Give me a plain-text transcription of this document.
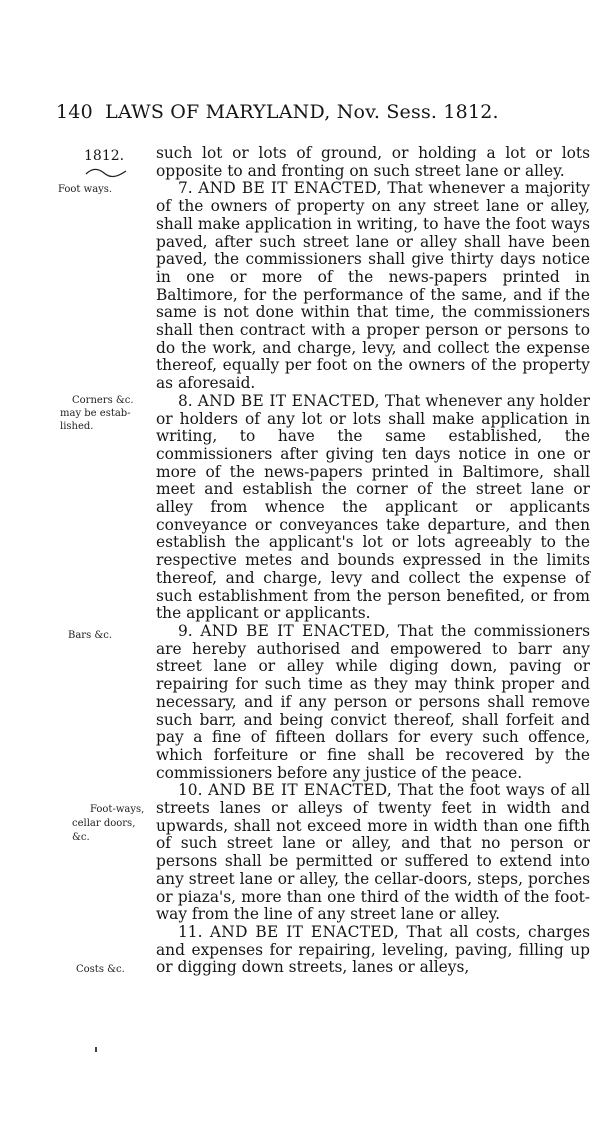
140 LAWS OF MARYLAND, Nov. Sess. 1812.
1812.
Foot ways.
Corners &c.
may be estab-
lished.
Bars &c.
Foot-ways,
cellar doors,
&c.
Costs &c.

such lot or lots of ground, or holding a lot or lots opposite to and fronting on such street lane or alley.

7. AND BE IT ENACTED, That whenever a majority of the owners of property on any street lane or alley, shall make application in writing, to have the foot ways paved, after such street lane or alley shall have been paved, the commissioners shall give thirty days notice in one or more of the news-papers printed in Baltimore, for the performance of the same, and if the same is not done within that time, the commissioners shall then contract with a proper person or persons to do the work, and charge, levy, and collect the expense thereof, equally per foot on the owners of the property as aforesaid.

8. AND BE IT ENACTED, That whenever any holder or holders of any lot or lots shall make application in writing, to have the same established, the commissioners after giving ten days notice in one or more of the news-papers printed in Baltimore, shall meet and establish the corner of the street lane or alley from whence the applicant or applicants conveyance or conveyances take departure, and then establish the applicant's lot or lots agreeably to the respective metes and bounds expressed in the limits thereof, and charge, levy and collect the expense of such establishment from the person benefited, or from the applicant or applicants.

9. AND BE IT ENACTED, That the commissioners are hereby authorised and empowered to barr any street lane or alley while diging down, paving or repairing for such time as they may think proper and necessary, and if any person or persons shall remove such barr, and being convict thereof, shall forfeit and pay a fine of fifteen dollars for every such offence, which forfeiture or fine shall be recovered by the commissioners before any justice of the peace.

10. AND BE IT ENACTED, That the foot ways of all streets lanes or alleys of twenty feet in width and upwards, shall not exceed more in width than one fifth of such street lane or alley, and that no person or persons shall be permitted or suffered to extend into any street lane or alley, the cellar-doors, steps, porches or piaza's, more than one third of the width of the foot-way from the line of any street lane or alley.

11. AND BE IT ENACTED, That all costs, charges and expenses for repairing, leveling, paving, filling up or digging down streets, lanes or alleys,
